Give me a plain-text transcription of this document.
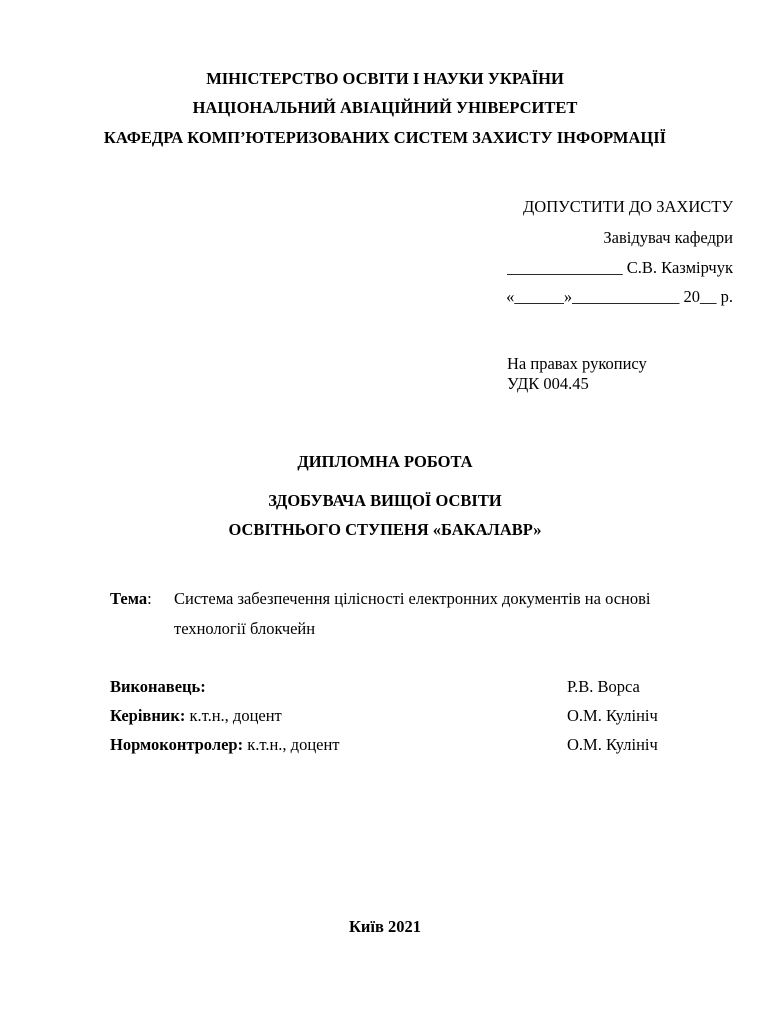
МІНІСТЕРСТВО ОСВІТИ І НАУКИ УКРАЇНИ
НАЦІОНАЛЬНИЙ АВІАЦІЙНИЙ УНІВЕРСИТЕТ
КАФЕДРА КОМП’ЮТЕРИЗОВАНИХ СИСТЕМ ЗАХИСТУ ІНФОРМАЦІЇ
ДОПУСТИТИ ДО ЗАХИСТУ
Завідувач кафедри
______________ С.В. Казмірчук
«______»_____________ 20__ р.
На правах рукопису
УДК 004.45
ДИПЛОМНА РОБОТА
ЗДОБУВАЧА ВИЩОЇ ОСВІТИ
ОСВІТНЬОГО СТУПЕНЯ «БАКАЛАВР»
Тема: Система забезпечення цілісності електронних документів на основі
технології блокчейн
Виконавець:	Р.В. Ворса
Керівник: к.т.н., доцент	О.М. Кулініч
Нормоконтролер: к.т.н., доцент	О.М. Кулініч
Київ 2021
